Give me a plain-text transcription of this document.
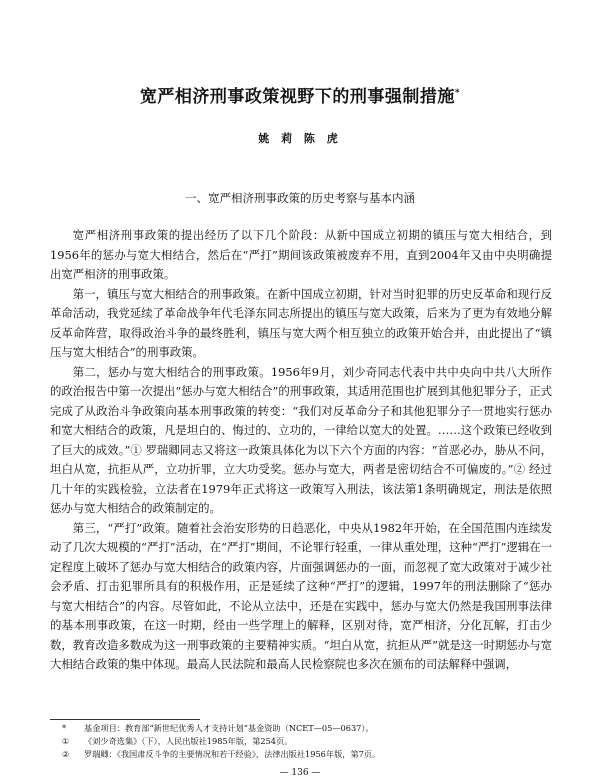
宽严相济刑事政策视野下的刑事强制措施*
姚 莉 陈 虎
一、宽严相济刑事政策的历史考察与基本内涵

宽严相济刑事政策的提出经历了以下几个阶段：从新中国成立初期的镇压与宽大相结合，到1956年的惩办与宽大相结合，然后在“严打”期间该政策被废弃不用，直到2004年又由中央明确提出宽严相济的刑事政策。

第一，镇压与宽大相结合的刑事政策。在新中国成立初期，针对当时犯罪的历史反革命和现行反革命活动，我党延续了革命战争年代毛泽东同志所提出的镇压与宽大政策，后来为了更为有效地分解反革命阵营，取得政治斗争的最终胜利，镇压与宽大两个相互独立的政策开始合并，由此提出了“镇压与宽大相结合”的刑事政策。

第二，惩办与宽大相结合的刑事政策。1956年9月，刘少奇同志代表中共中央向中共八大所作的政治报告中第一次提出“惩办与宽大相结合”的刑事政策，其适用范围也扩展到其他犯罪分子，正式完成了从政治斗争政策向基本刑事政策的转变：“我们对反革命分子和其他犯罪分子一贯地实行惩办和宽大相结合的政策，凡是坦白的、悔过的、立功的，一律给以宽大的处置。……这个政策已经收到了巨大的成效。”① 罗瑞卿同志又将这一政策具体化为以下六个方面的内容：“首恶必办，胁从不问，坦白从宽，抗拒从严，立功折罪，立大功受奖。惩办与宽大，两者是密切结合不可偏废的。”② 经过几十年的实践检验，立法者在1979年正式将这一政策写入刑法，该法第1条明确规定，刑法是依照惩办与宽大相结合的政策制定的。

第三，“严打”政策。随着社会治安形势的日趋恶化，中央从1982年开始，在全国范围内连续发动了几次大规模的“严打”活动，在“严打”期间，不论罪行轻重，一律从重处理，这种“严打”逻辑在一定程度上破坏了惩办与宽大相结合的政策内容，片面强调惩办的一面，而忽视了宽大政策对于减少社会矛盾、打击犯罪所具有的积极作用，正是延续了这种“严打”的逻辑，1997年的刑法删除了“惩办与宽大相结合”的内容。尽管如此，不论从立法中，还是在实践中，惩办与宽大仍然是我国刑事法律的基本刑事政策，在这一时期，经由一些学理上的解释，区别对待，宽严相济，分化瓦解，打击少数，教育改造多数成为这一刑事政策的主要精神实质。“坦白从宽，抗拒从严”就是这一时期惩办与宽大相结合政策的集中体现。最高人民法院和最高人民检察院也多次在颁布的司法解释中强调，

* 基金项目：教育部“新世纪优秀人才支持计划”基金资助（NCET—05—0637）。
① 《刘少奇选集》（下），人民出版社1985年版，第254页。
② 罗瑞卿：《我国肃反斗争的主要情况和若干经验》，法律出版社1956年版，第7页。
— 136 —
